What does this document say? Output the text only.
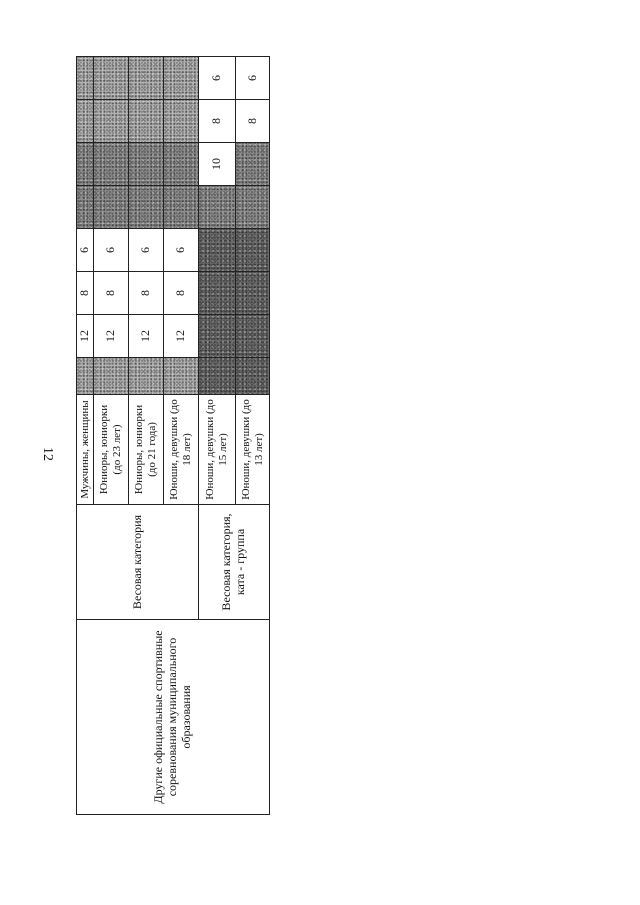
12
Другие официальные спортивные соревнования муниципального образования	Весовая категория	Мужчины, женщины		12	8	6				
		Юниоры, юниорки (до 23 лет)		12	8	6				
		Юниоры, юниорки (до 21 года)		12	8	6				
		Юноши, девушки (до 18 лет)		12	8	6				
	Весовая категория, ката - группа	Юноши, девушки (до 15 лет)						10	8	6
		Юноши, девушки (до 13 лет)							8	6
